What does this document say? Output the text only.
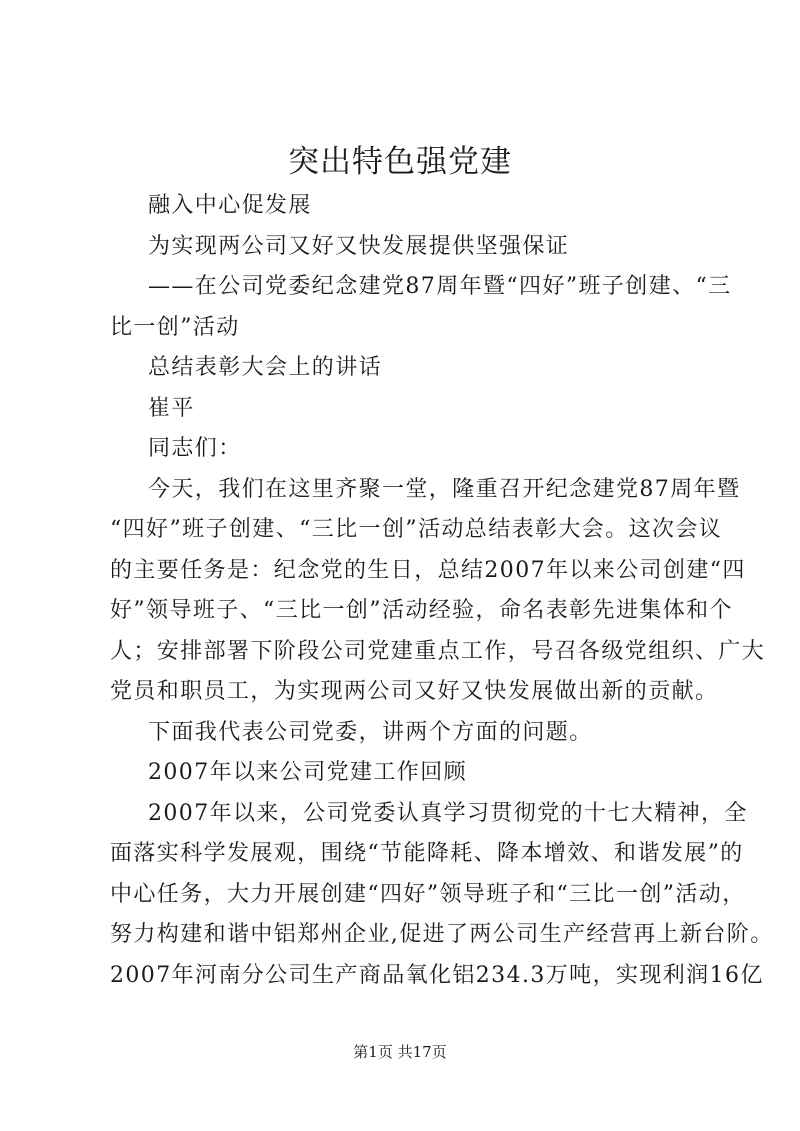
突出特色强党建
融入中心促发展
为实现两公司又好又快发展提供坚强保证
——在公司党委纪念建党87周年暨“四好”班子创建、“三
比一创”活动
总结表彰大会上的讲话
崔平
同志们：
今天，我们在这里齐聚一堂，隆重召开纪念建党87周年暨
“四好”班子创建、“三比一创”活动总结表彰大会。这次会议
的主要任务是：纪念党的生日，总结2007年以来公司创建“四
好”领导班子、“三比一创”活动经验，命名表彰先进集体和个
人；安排部署下阶段公司党建重点工作，号召各级党组织、广大
党员和职员工，为实现两公司又好又快发展做出新的贡献。
下面我代表公司党委，讲两个方面的问题。
2007年以来公司党建工作回顾
2007年以来，公司党委认真学习贯彻党的十七大精神，全
面落实科学发展观，围绕“节能降耗、降本增效、和谐发展”的
中心任务，大力开展创建“四好”领导班子和“三比一创”活动，
努力构建和谐中铝郑州企业,促进了两公司生产经营再上新台阶。
2007年河南分公司生产商品氧化铝234.3万吨，实现利润16亿
第1页 共17页
